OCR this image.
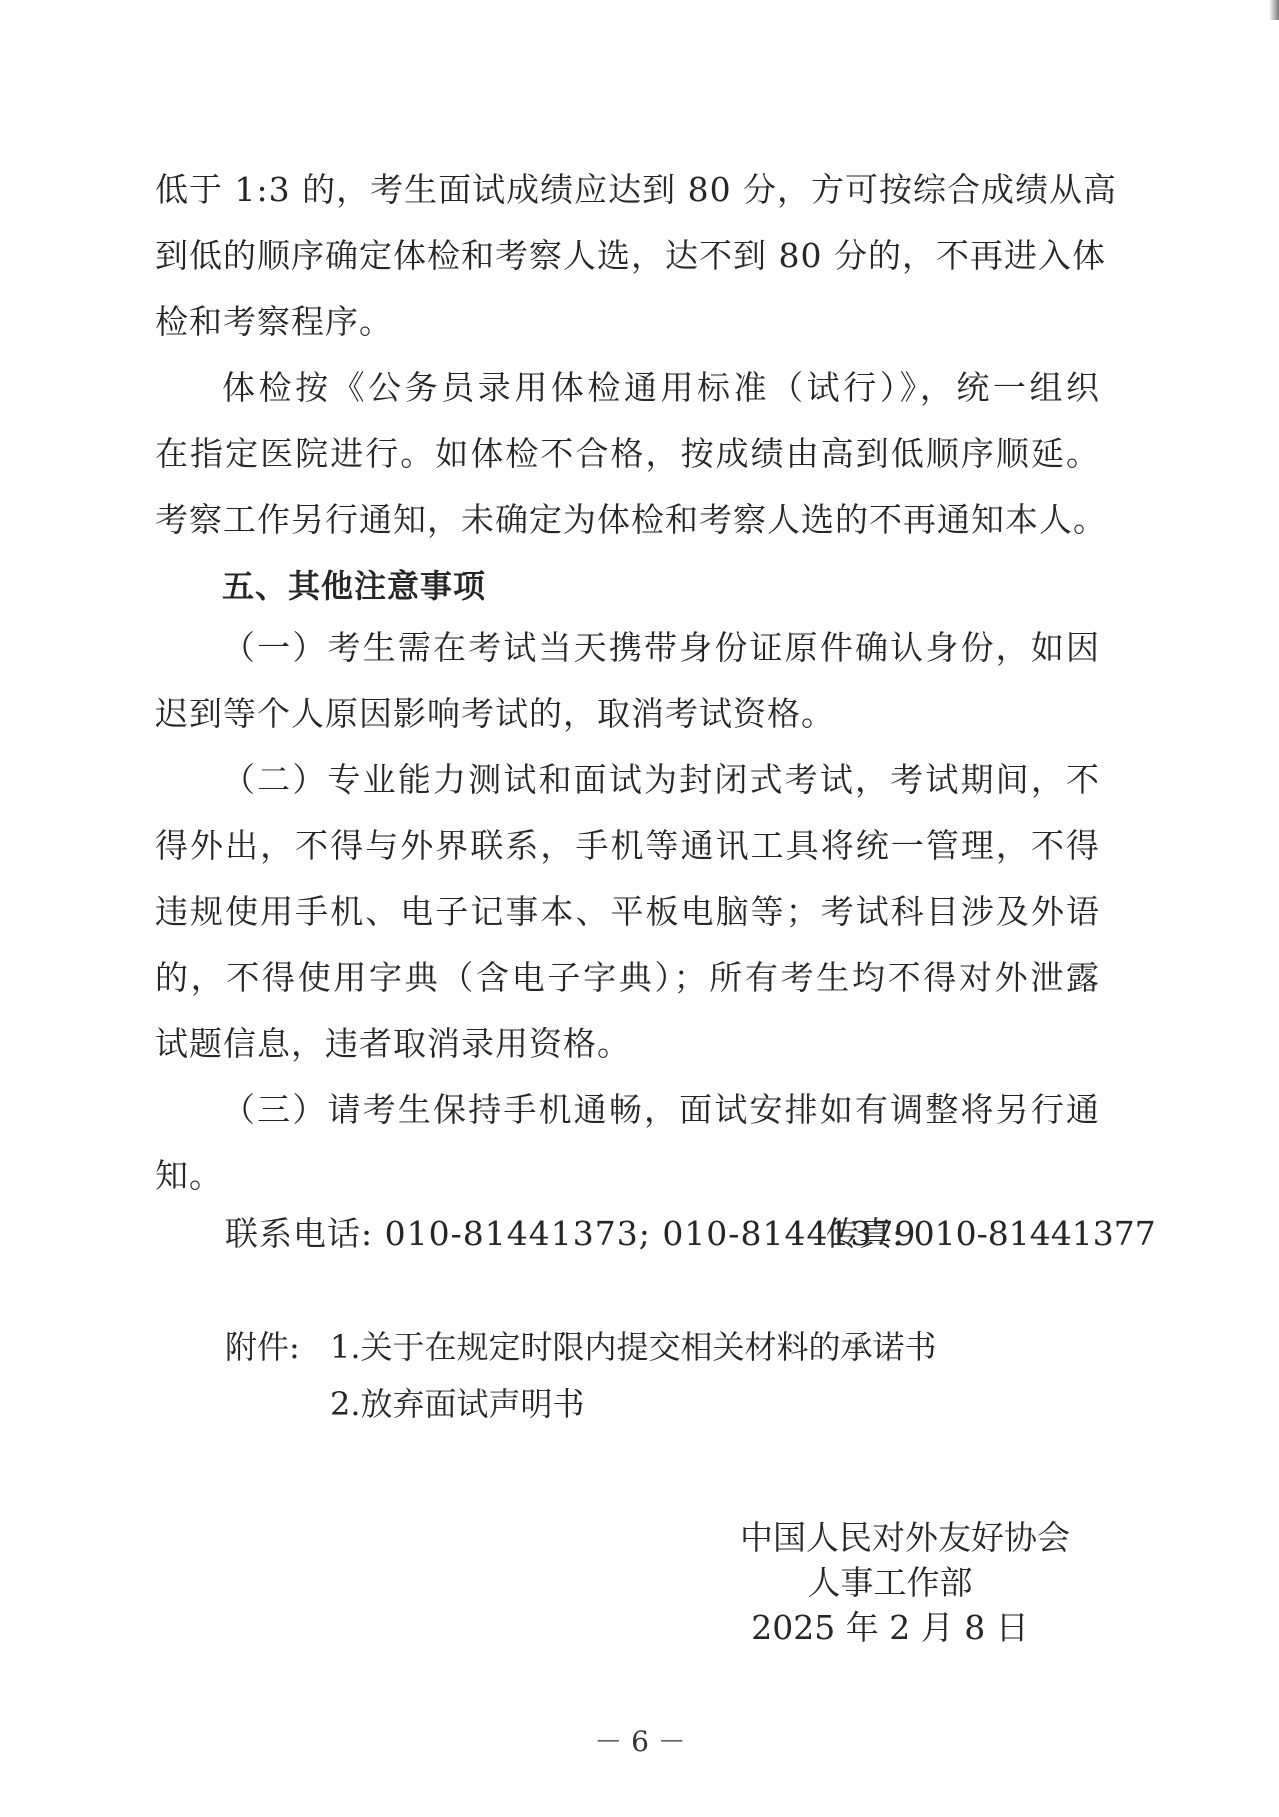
低于 1:3 的，考生面试成绩应达到 80 分，方可按综合成绩从高
到低的顺序确定体检和考察人选，达不到 80 分的，不再进入体
检和考察程序。
体检按《公务员录用体检通用标准（试行）》，统一组织
在指定医院进行。如体检不合格，按成绩由高到低顺序顺延。
考察工作另行通知，未确定为体检和考察人选的不再通知本人。
五、其他注意事项
（一）考生需在考试当天携带身份证原件确认身份，如因
迟到等个人原因影响考试的，取消考试资格。
（二）专业能力测试和面试为封闭式考试，考试期间，不
得外出，不得与外界联系，手机等通讯工具将统一管理，不得
违规使用手机、电子记事本、平板电脑等；考试科目涉及外语
的，不得使用字典（含电子字典）；所有考生均不得对外泄露
试题信息，违者取消录用资格。
（三）请考生保持手机通畅，面试安排如有调整将另行通
知。
联系电话: 010-81441373; 010-81441379
传真: 010-81441377
附件: 1.关于在规定时限内提交相关材料的承诺书
2.放弃面试声明书
中国人民对外友好协会
人事工作部
2025 年 2 月 8 日
－ 6 －
